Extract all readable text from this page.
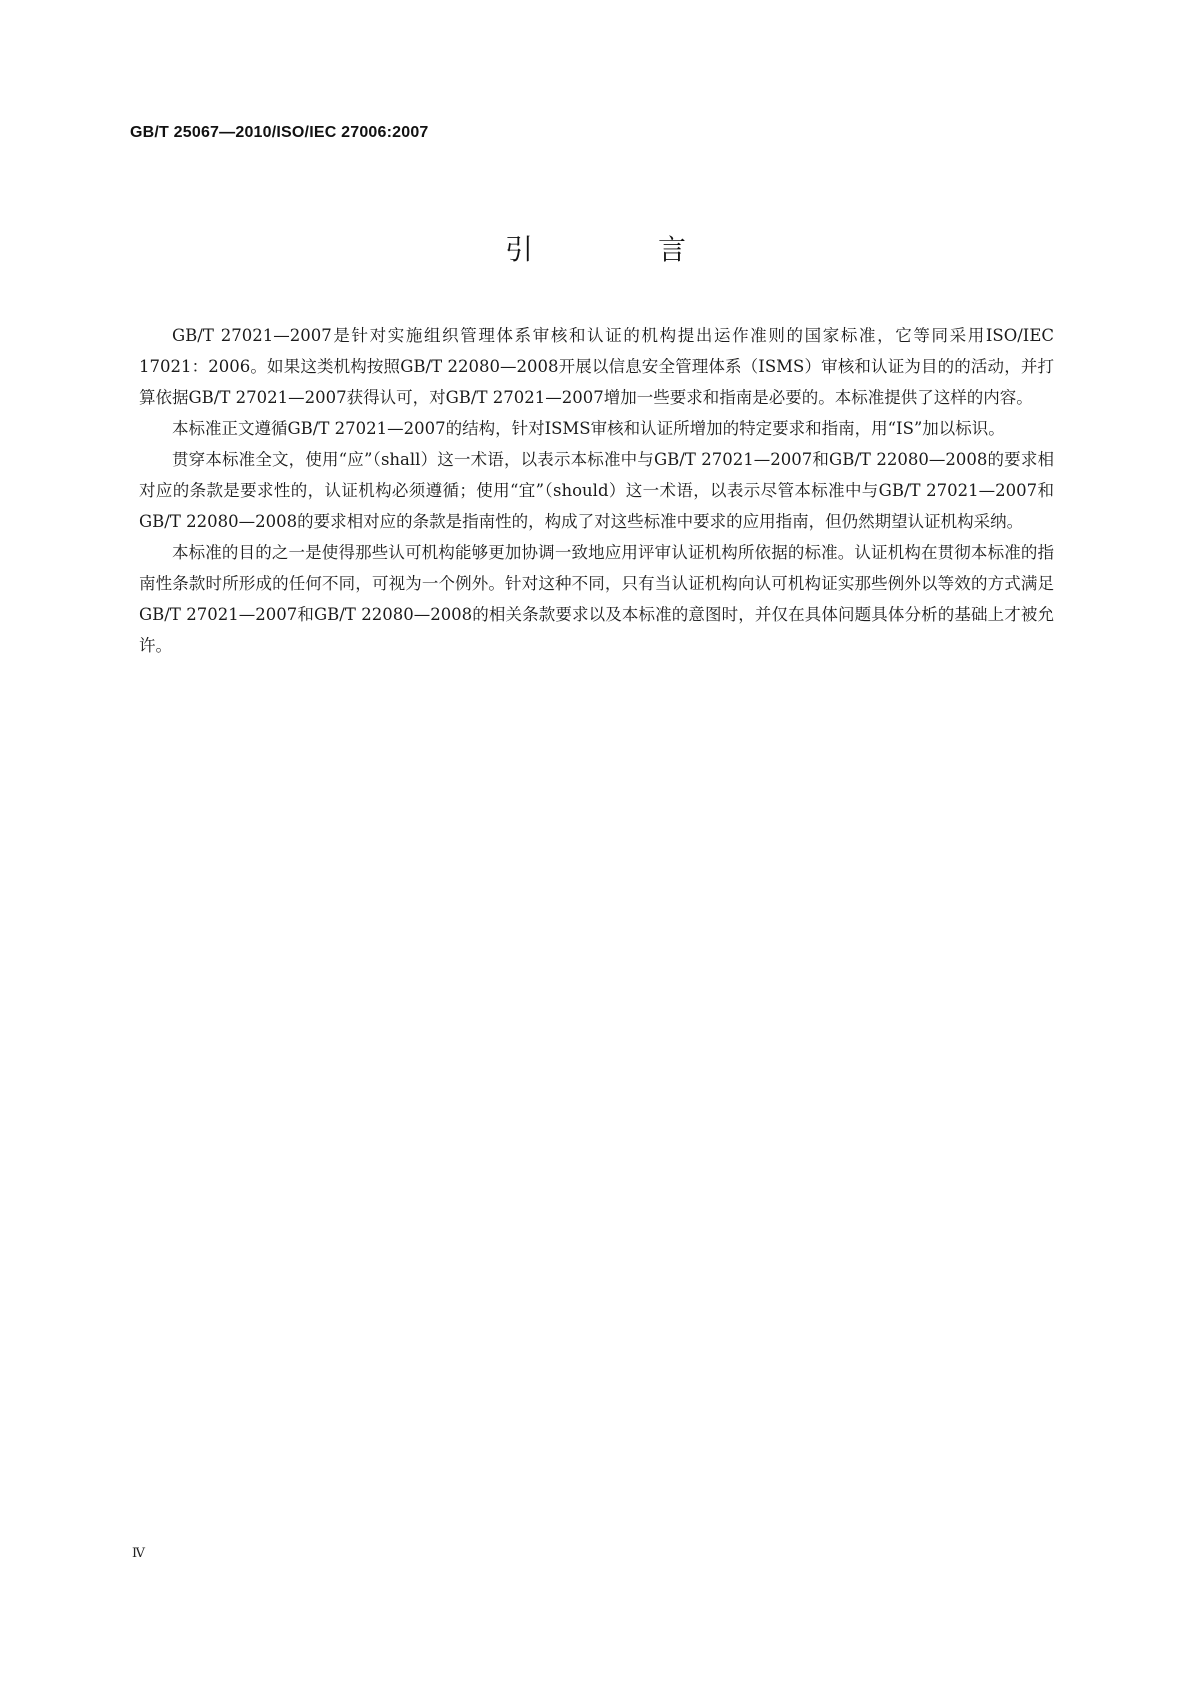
GB/T 25067—2010/ISO/IEC 27006:2007
引 言

GB/T 27021—2007是针对实施组织管理体系审核和认证的机构提出运作准则的国家标准，它等同采用ISO/IEC 17021：2006。如果这类机构按照GB/T 22080—2008开展以信息安全管理体系（ISMS）审核和认证为目的的活动，并打算依据GB/T 27021—2007获得认可，对GB/T 27021—2007增加一些要求和指南是必要的。本标准提供了这样的内容。

本标准正文遵循GB/T 27021—2007的结构，针对ISMS审核和认证所增加的特定要求和指南，用“IS”加以标识。

贯穿本标准全文，使用“应”（shall）这一术语，以表示本标准中与GB/T 27021—2007和GB/T 22080—2008的要求相对应的条款是要求性的，认证机构必须遵循；使用“宜”（should）这一术语，以表示尽管本标准中与GB/T 27021—2007和GB/T 22080—2008的要求相对应的条款是指南性的，构成了对这些标准中要求的应用指南，但仍然期望认证机构采纳。

本标准的目的之一是使得那些认可机构能够更加协调一致地应用评审认证机构所依据的标准。认证机构在贯彻本标准的指南性条款时所形成的任何不同，可视为一个例外。针对这种不同，只有当认证机构向认可机构证实那些例外以等效的方式满足GB/T 27021—2007和GB/T 22080—2008的相关条款要求以及本标准的意图时，并仅在具体问题具体分析的基础上才被允许。

Ⅳ
